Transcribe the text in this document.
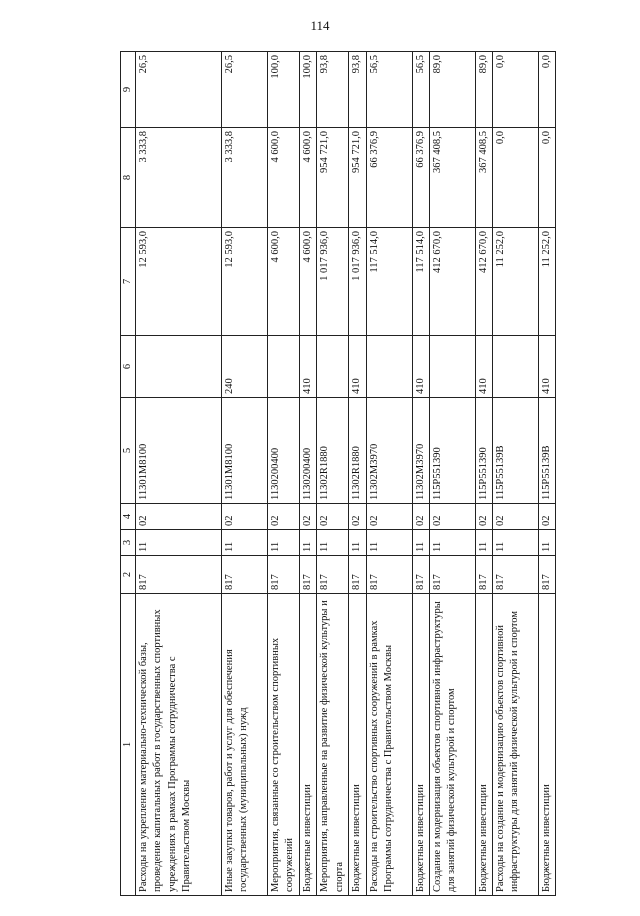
114
1	2	3	4	5	6	7	8	9
Расходы на укрепление материально-технической базы, проведение капитальных работ в государственных спортивных учреждениях в рамках Программы сотрудничества с Правительством Москвы	817	11	02	11301М8100		12 593,0	3 333,8	26,5
Иные закупки товаров, работ и услуг для обеспечения государственных (муниципальных) нужд	817	11	02	11301М8100	240	12 593,0	3 333,8	26,5
Мероприятия, связанные со строительством спортивных сооружений	817	11	02	1130200400		4 600,0	4 600,0	100,0
Бюджетные инвестиции	817	11	02	1130200400	410	4 600,0	4 600,0	100,0
Мероприятия, направленные на развитие физической культуры и спорта	817	11	02	11302R1880		1 017 936,0	954 721,0	93,8
Бюджетные инвестиции	817	11	02	11302R1880	410	1 017 936,0	954 721,0	93,8
Расходы на строительство спортивных сооружений в рамках Программы сотрудничества с Правительством Москвы	817	11	02	11302М3970		117 514,0	66 376,9	56,5
Бюджетные инвестиции	817	11	02	11302М3970	410	117 514,0	66 376,9	56,5
Создание и модернизация объектов спортивной инфраструктуры для занятий физической культурой и спортом	817	11	02	115Р551390		412 670,0	367 408,5	89,0
Бюджетные инвестиции	817	11	02	115Р551390	410	412 670,0	367 408,5	89,0
Расходы на создание и модернизацию объектов спортивной инфраструктуры для занятий физической культурой и спортом	817	11	02	115Р55139В		11 252,0	0,0	0,0
Бюджетные инвестиции	817	11	02	115Р55139В	410	11 252,0	0,0	0,0
